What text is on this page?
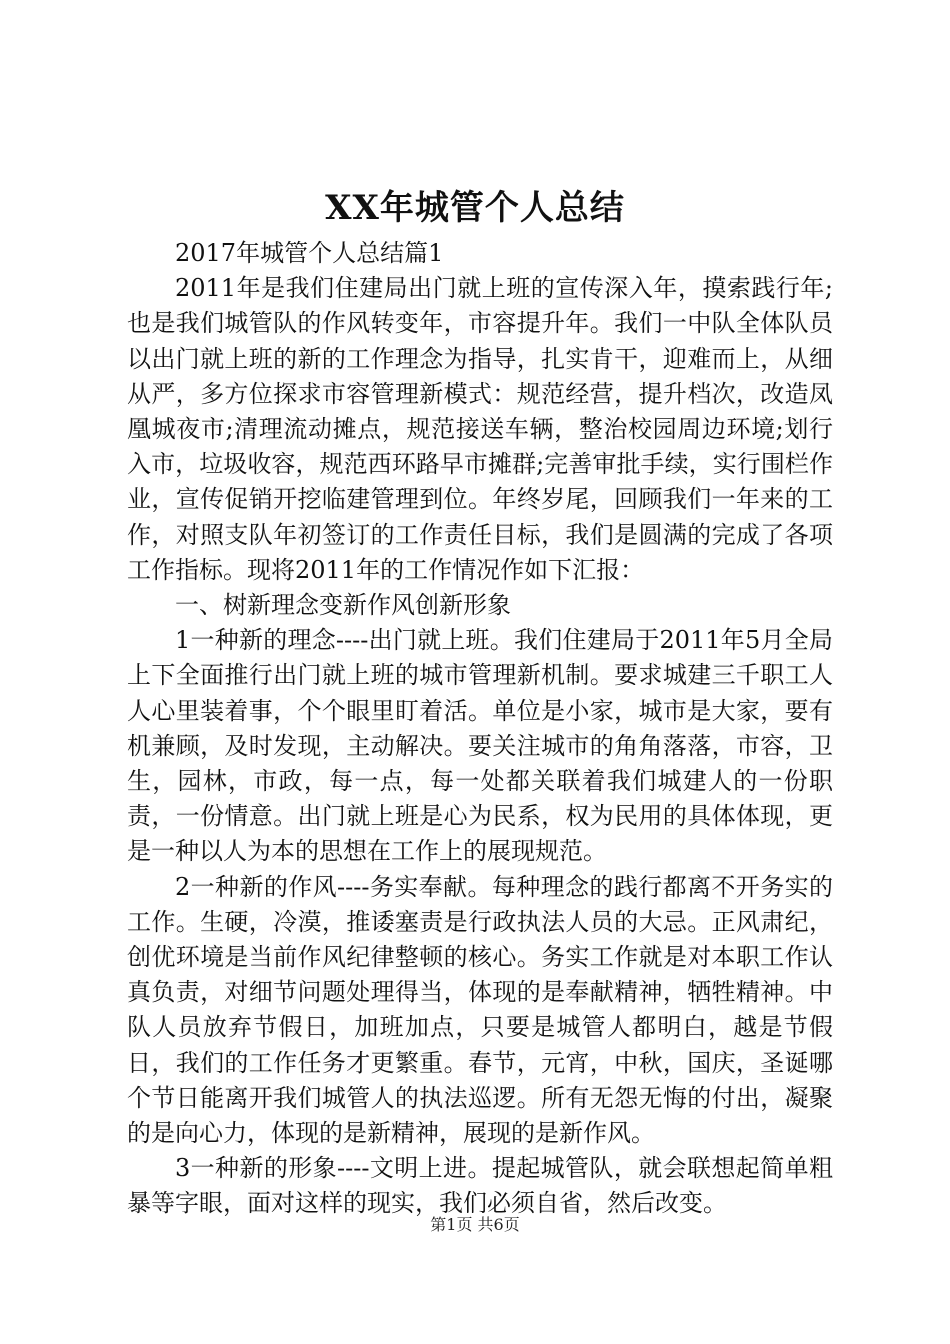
XX年城管个人总结

2017年城管个人总结篇1

2011年是我们住建局出门就上班的宣传深入年，摸索践行年;也是我们城管队的作风转变年，市容提升年。我们一中队全体队员以出门就上班的新的工作理念为指导，扎实肯干，迎难而上，从细从严，多方位探求市容管理新模式：规范经营，提升档次，改造凤凰城夜市;清理流动摊点，规范接送车辆，整治校园周边环境;划行入市，垃圾收容，规范西环路早市摊群;完善审批手续，实行围栏作业，宣传促销开挖临建管理到位。年终岁尾，回顾我们一年来的工作，对照支队年初签订的工作责任目标，我们是圆满的完成了各项工作指标。现将2011年的工作情况作如下汇报：

一、树新理念变新作风创新形象

1一种新的理念----出门就上班。我们住建局于2011年5月全局上下全面推行出门就上班的城市管理新机制。要求城建三千职工人人心里装着事，个个眼里盯着活。单位是小家，城市是大家，要有机兼顾，及时发现，主动解决。要关注城市的角角落落，市容，卫生，园林，市政，每一点，每一处都关联着我们城建人的一份职责，一份情意。出门就上班是心为民系，权为民用的具体体现，更是一种以人为本的思想在工作上的展现规范。

2一种新的作风----务实奉献。每种理念的践行都离不开务实的工作。生硬，冷漠，推诿塞责是行政执法人员的大忌。正风肃纪，创优环境是当前作风纪律整顿的核心。务实工作就是对本职工作认真负责，对细节问题处理得当，体现的是奉献精神，牺牲精神。中队人员放弃节假日，加班加点，只要是城管人都明白，越是节假日，我们的工作任务才更繁重。春节，元宵，中秋，国庆，圣诞哪个节日能离开我们城管人的执法巡逻。所有无怨无悔的付出，凝聚的是向心力，体现的是新精神，展现的是新作风。

3一种新的形象----文明上进。提起城管队，就会联想起简单粗暴等字眼，面对这样的现实，我们必须自省，然后改变。

第1页 共6页
